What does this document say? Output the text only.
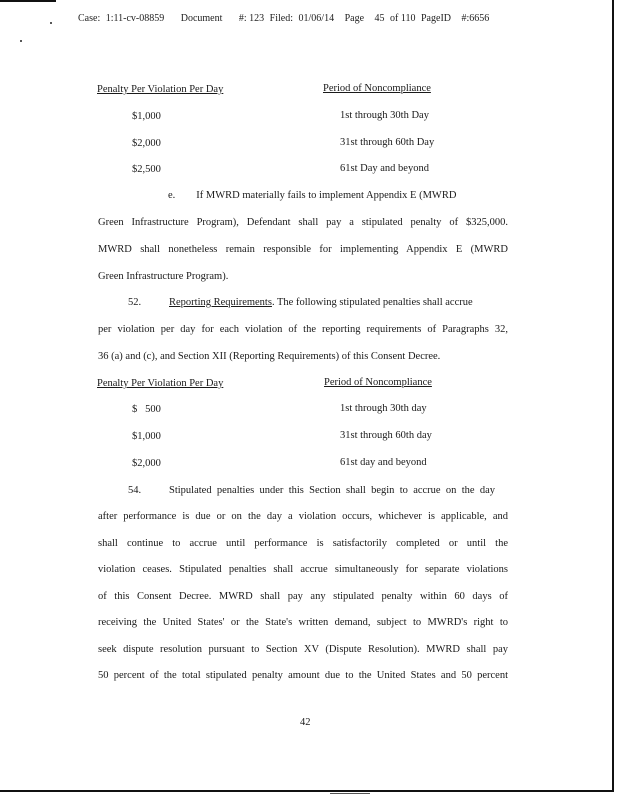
Case: 1:11-cv-08859 Document #: 123 Filed: 01/06/14 Page 45 of 110 PageID #:6656
Penalty Per Violation Per Day	Period of Noncompliance
$1,000	1st through 30th Day
$2,000	31st through 60th Day
$2,500	61st Day and beyond
e.        If MWRD materially fails to implement Appendix E (MWRD
Green Infrastructure Program), Defendant shall pay a stipulated penalty of $325,000.
MWRD shall nonetheless remain responsible for implementing Appendix E (MWRD
Green Infrastructure Program).
52.	Reporting Requirements. The following stipulated penalties shall accrue
per violation per day for each violation of the reporting requirements of Paragraphs 32,
36 (a) and (c), and Section XII (Reporting Requirements) of this Consent Decree.
Penalty Per Violation Per Day	Period of Noncompliance
$   500	1st through 30th day
$1,000	31st through 60th day
$2,000	61st day and beyond
54.	Stipulated penalties under this Section shall begin to accrue on the day
after performance is due or on the day a violation occurs, whichever is applicable, and
shall continue to accrue until performance is satisfactorily completed or until the
violation ceases. Stipulated penalties shall accrue simultaneously for separate violations
of this Consent Decree. MWRD shall pay any stipulated penalty within 60 days of
receiving the United States' or the State's written demand, subject to MWRD's right to
seek dispute resolution pursuant to Section XV (Dispute Resolution). MWRD shall pay
50 percent of the total stipulated penalty amount due to the United States and 50 percent
42
